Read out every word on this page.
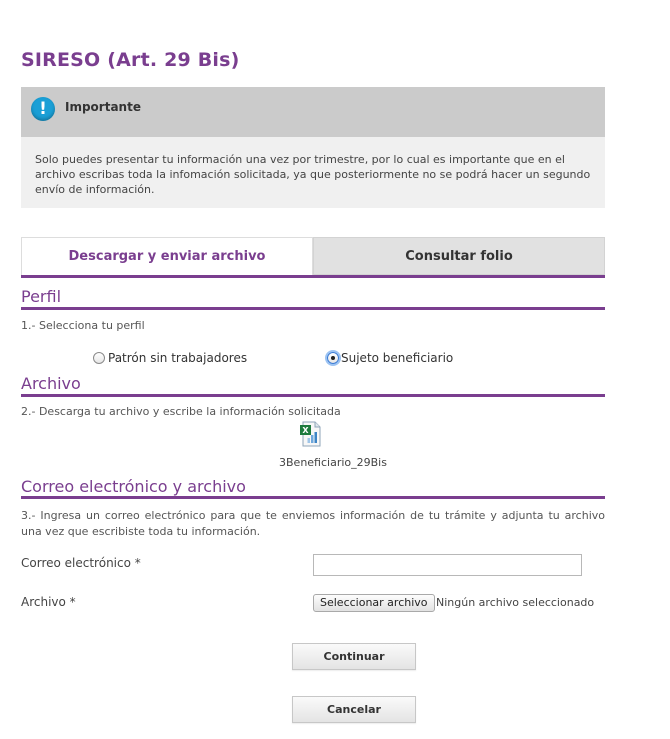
SIRESO (Art. 29 Bis)
!	Importante
Solo puedes presentar tu información una vez por trimestre, por lo cual es importante que en el archivo escribas toda la infomación solicitada, ya que posteriormente no se podrá hacer un segundo envío de información.
Descargar y enviar archivo	Consultar folio
Perfil
1.- Selecciona tu perfil
Patrón sin trabajadores	Sujeto beneficiario
Archivo
2.- Descarga tu archivo y escribe la información solicitada
X
3Beneficiario_29Bis
Correo electrónico y archivo
3.- Ingresa un correo electrónico para que te enviemos información de tu trámite y adjunta tu archivo una vez que escribiste toda tu información.
Correo electrónico *
Archivo *	Seleccionar archivo Ningún archivo seleccionado
Continuar
Cancelar
